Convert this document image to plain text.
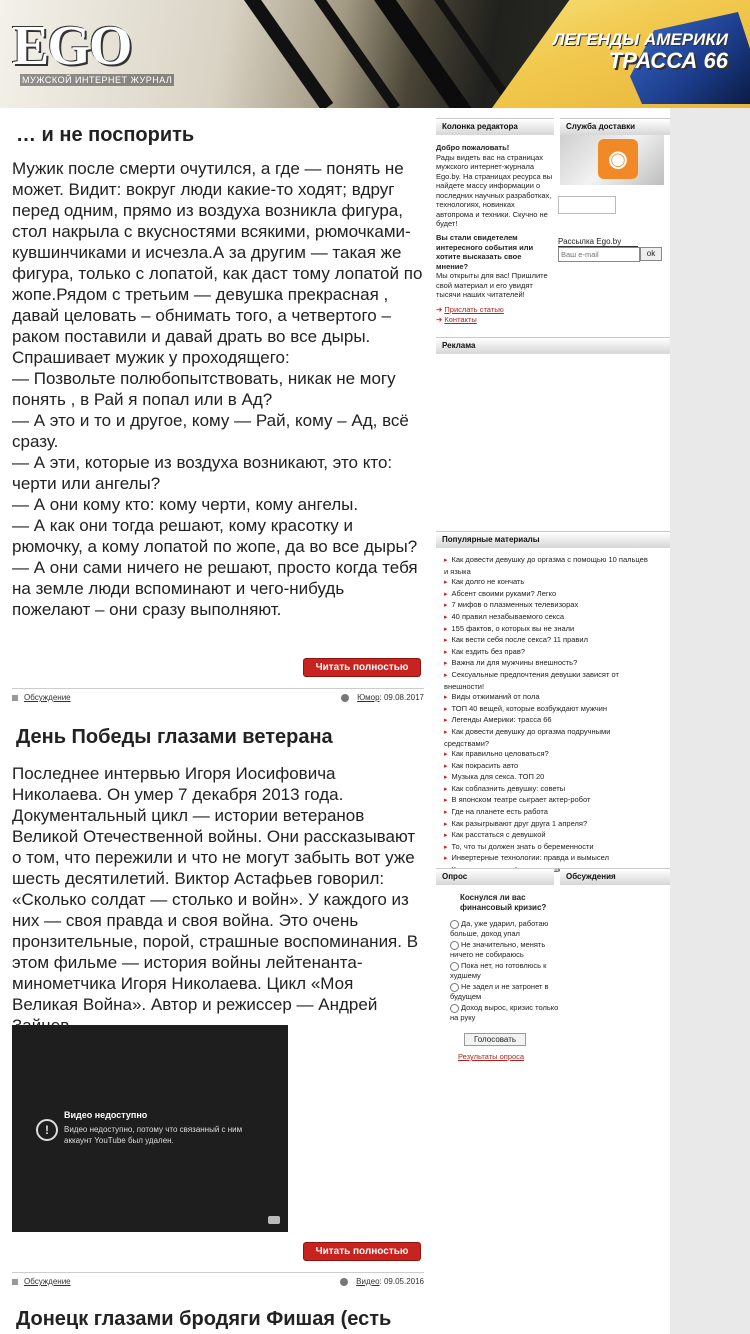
EGO
МУЖСКОЙ ИНТЕРНЕТ ЖУРНАЛ
ЛЕГЕНДЫ АМЕРИКИ
ТРАССА 66
… и не поспорить
Мужик после смерти очутился, а где — понять не может. Видит: вокруг люди какие-то ходят; вдруг перед одним, прямо из воздуха возникла фигура, стол накрыла с вкусностями всякими, рюмочками-кувшинчиками и исчезла.А за другим — такая же фигура, только с лопатой, как даст тому лопатой по жопе.Рядом с третьим — девушка прекрасная , давай целовать – обнимать того, а четвертого – раком поставили и давай драть во все дыры. Спрашивает мужик у проходящего:
— Позвольте полюбопытствовать, никак не могу понять , в Рай я попал или в Ад?
— А это и то и другое, кому — Рай, кому – Ад, всё сразу.
— А эти, которые из воздуха возникают, это кто: черти или ангелы?
— А они кому кто: кому черти, кому ангелы.
— А как они тогда решают, кому красотку и рюмочку, а кому лопатой по жопе, да во все дыры?
— А они сами ничего не решают, просто когда тебя на земле люди вспоминают и чего-нибудь пожелают – они сразу выполняют.
Читать полностью
Обсуждение	Юмор: 09.08.2017
День Победы глазами ветерана
Последнее интервью Игоря Иосифовича Николаева. Он умер 7 декабря 2013 года. Документальный цикл — истории ветеранов Великой Отечественной войны. Они рассказывают о том, что пережили и что не могут забыть вот уже шесть десятилетий. Виктор Астафьев говорил: «Сколько солдат — столько и войн». У каждого из них — своя правда и своя война. Это очень пронзительные, порой, страшные воспоминания. В этом фильме — история войны лейтенанта-минометчика Игоря Николаева. Цикл «Моя Великая Война». Автор и режиссер — Андрей
!
Видео недоступно
Видео недоступно, потому что связанный с ним аккаунт YouTube был удален.
Читать полностью
Обсуждение	Видео: 09.05.2016
Донецк глазами бродяги Фишая (есть
Колонка редактора	Служба доставки
Добро пожаловать!
Рады видеть вас на страницах мужского интернет-журнала Ego.by. На страницах ресурса вы найдете массу информации о последних научных разработках, технологиях, новинках автопрома и техники. Скучно не будет!
Вы стали свидетелем интересного события или хотите высказать свое мнение?
Мы открыты для вас! Пришлите свой материал и его увидят тысячи наших читателей!
➔ Прислать статью
➔ Контакты
◉
Рассылка Ego.by
Ваш e-mail
ok
Реклама
Популярные материалы
▸ Как довести девушку до оргазма с помощью 10 пальцев и языка
▸ Как долго не кончать
▸ Абсент своими руками? Легко
▸ 7 мифов о плазменных телевизорах
▸ 40 правил незабываемого секса
▸ 155 фактов, о которых вы не знали
▸ Как вести себя после секса? 11 правил
▸ Как ездить без прав?
▸ Важна ли для мужчины внешность?
▸ Сексуальные предпочтения девушки зависят от внешности!
▸ Виды отжиманий от пола
▸ ТОП 40 вещей, которые возбуждают мужчин
▸ Легенды Америки: трасса 66
▸ Как довести девушку до оргазма подручными средствами?
▸ Как правильно целоваться?
▸ Как покрасить авто
▸ Музыка для секса. ТОП 20
▸ Как соблазнить девушку: советы
▸ В японском театре сыграет актер-робот
▸ Где на планете есть работа
▸ Как разыгрывают друг друга 1 апреля?
▸ Как расстаться с девушкой
▸ То, что ты должен знать о беременности
▸ Инвертерные технологии: правда и вымысел
отношения
Опрос	Обсуждения
Коснулся ли вас финансовый кризис?
Да, уже ударил, работаю больше, доход упал
Не значительно, менять ничего не собираюсь
Пока нет, но готовлюсь к худшему
Не задел и не затронет в будущем
Доход вырос, кризис только на руку
Голосовать
Результаты опроса
